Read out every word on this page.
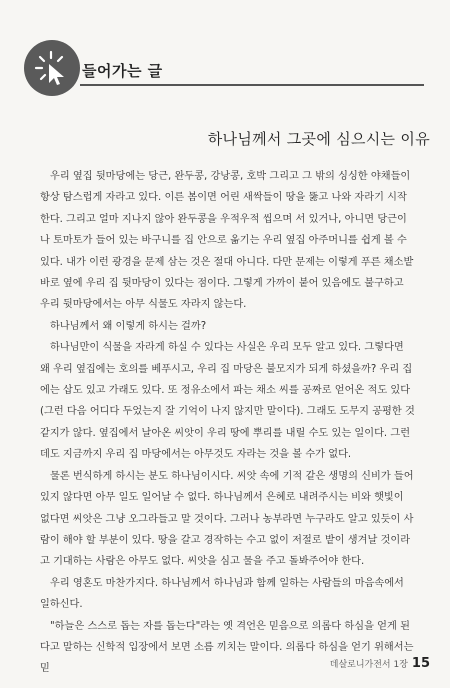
들어가는 글
하나님께서 그곳에 심으시는 이유

우리 옆집 뒷마당에는 당근, 완두콩, 강낭콩, 호박 그리고 그 밖의 싱싱한 야채들이 항상 탐스럽게 자라고 있다. 이른 봄이면 어린 새싹들이 땅을 뚫고 나와 자라기 시작한다. 그리고 얼마 지나지 않아 완두콩을 우적우적 씹으며 서 있거나, 아니면 당근이나 토마토가 들어 있는 바구니를 집 안으로 옮기는 우리 옆집 아주머니를 쉽게 볼 수 있다. 내가 이런 광경을 문제 삼는 것은 절대 아니다. 다만 문제는 이렇게 푸른 채소밭 바로 옆에 우리 집 뒷마당이 있다는 점이다. 그렇게 가까이 붙어 있음에도 불구하고 우리 뒷마당에서는 아무 식물도 자라지 않는다.

하나님께서 왜 이렇게 하시는 걸까?

하나님만이 식물을 자라게 하실 수 있다는 사실은 우리 모두 알고 있다. 그렇다면 왜 우리 옆집에는 호의를 베푸시고, 우리 집 마당은 불모지가 되게 하셨을까? 우리 집에는 삽도 있고 가래도 있다. 또 정유소에서 파는 채소 씨를 공짜로 얻어온 적도 있다(그런 다음 어디다 두었는지 잘 기억이 나지 않지만 말이다). 그래도 도무지 공평한 것 같지가 않다. 옆집에서 날아온 씨앗이 우리 땅에 뿌리를 내릴 수도 있는 일이다. 그런데도 지금까지 우리 집 마당에서는 아무것도 자라는 것을 볼 수가 없다.

물론 번식하게 하시는 분도 하나님이시다. 씨앗 속에 기적 같은 생명의 신비가 들어 있지 않다면 아무 일도 일어날 수 없다. 하나님께서 은혜로 내려주시는 비와 햇빛이 없다면 씨앗은 그냥 오그라들고 말 것이다. 그러나 농부라면 누구라도 알고 있듯이 사람이 해야 할 부분이 있다. 땅을 갈고 경작하는 수고 없이 저절로 밭이 생겨날 것이라고 기대하는 사람은 아무도 없다. 씨앗을 심고 물을 주고 돌봐주어야 한다.

우리 영혼도 마찬가지다. 하나님께서 하나님과 함께 일하는 사람들의 마음속에서 일하신다.

"하늘은 스스로 돕는 자를 돕는다"라는 옛 격언은 믿음으로 의롭다 하심을 얻게 된다고 말하는 신학적 입장에서 보면 소름 끼치는 말이다. 의롭다 하심을 얻기 위해서는 믿	데살로니가전서 1장 15
